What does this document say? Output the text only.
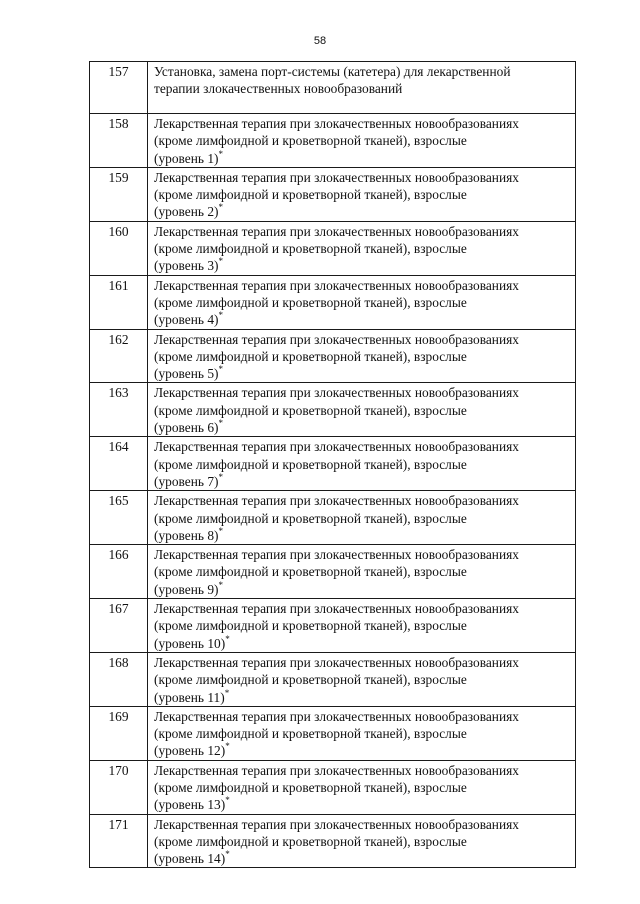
58
157	Установка, замена порт-системы (катетера) для лекарственной
терапии злокачественных новообразований

158	Лекарственная терапия при злокачественных новообразованиях
(кроме лимфоидной и кроветворной тканей), взрослые
(уровень 1)*

159	Лекарственная терапия при злокачественных новообразованиях
(кроме лимфоидной и кроветворной тканей), взрослые
(уровень 2)*

160	Лекарственная терапия при злокачественных новообразованиях
(кроме лимфоидной и кроветворной тканей), взрослые
(уровень 3)*

161	Лекарственная терапия при злокачественных новообразованиях
(кроме лимфоидной и кроветворной тканей), взрослые
(уровень 4)*

162	Лекарственная терапия при злокачественных новообразованиях
(кроме лимфоидной и кроветворной тканей), взрослые
(уровень 5)*

163	Лекарственная терапия при злокачественных новообразованиях
(кроме лимфоидной и кроветворной тканей), взрослые
(уровень 6)*

164	Лекарственная терапия при злокачественных новообразованиях
(кроме лимфоидной и кроветворной тканей), взрослые
(уровень 7)*

165	Лекарственная терапия при злокачественных новообразованиях
(кроме лимфоидной и кроветворной тканей), взрослые
(уровень 8)*

166	Лекарственная терапия при злокачественных новообразованиях
(кроме лимфоидной и кроветворной тканей), взрослые
(уровень 9)*

167	Лекарственная терапия при злокачественных новообразованиях
(кроме лимфоидной и кроветворной тканей), взрослые
(уровень 10)*

168	Лекарственная терапия при злокачественных новообразованиях
(кроме лимфоидной и кроветворной тканей), взрослые
(уровень 11)*

169	Лекарственная терапия при злокачественных новообразованиях
(кроме лимфоидной и кроветворной тканей), взрослые
(уровень 12)*

170	Лекарственная терапия при злокачественных новообразованиях
(кроме лимфоидной и кроветворной тканей), взрослые
(уровень 13)*

171	Лекарственная терапия при злокачественных новообразованиях
(кроме лимфоидной и кроветворной тканей), взрослые
(уровень 14)*
